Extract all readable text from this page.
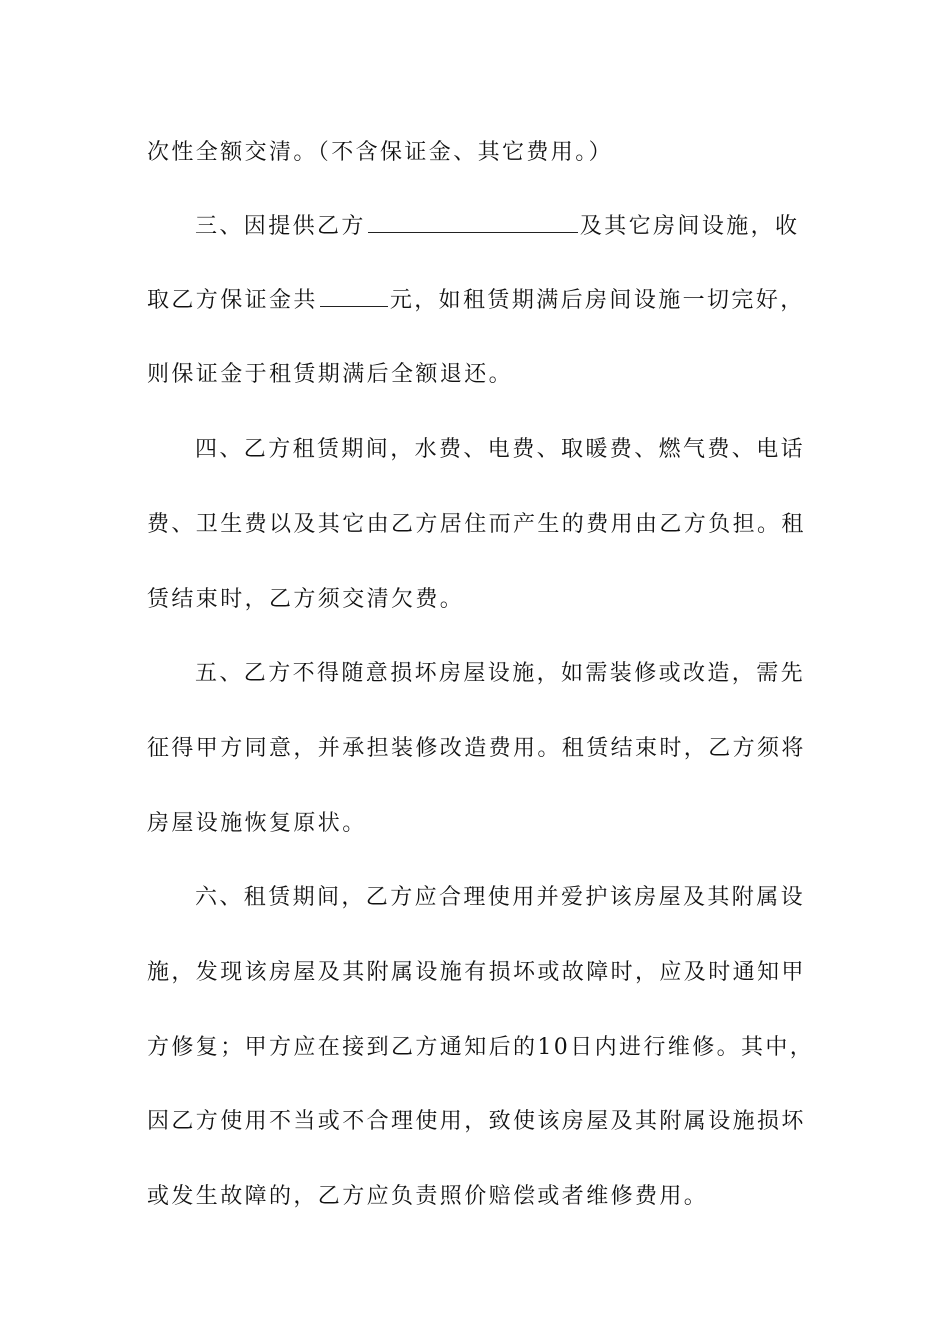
次性全额交清。（不含保证金、其它费用。）
三、因提供乙方	及其它房间设施，收
取乙方保证金共	元，如租赁期满后房间设施一切完好，
则保证金于租赁期满后全额退还。
四、乙方租赁期间，水费、电费、取暖费、燃气费、电话
费、卫生费以及其它由乙方居住而产生的费用由乙方负担。租
赁结束时，乙方须交清欠费。
五、乙方不得随意损坏房屋设施，如需装修或改造，需先
征得甲方同意，并承担装修改造费用。租赁结束时，乙方须将
房屋设施恢复原状。
六、租赁期间，乙方应合理使用并爱护该房屋及其附属设
施，发现该房屋及其附属设施有损坏或故障时，应及时通知甲
方修复；甲方应在接到乙方通知后的10日内进行维修。其中，
因乙方使用不当或不合理使用，致使该房屋及其附属设施损坏
或发生故障的，乙方应负责照价赔偿或者维修费用。
